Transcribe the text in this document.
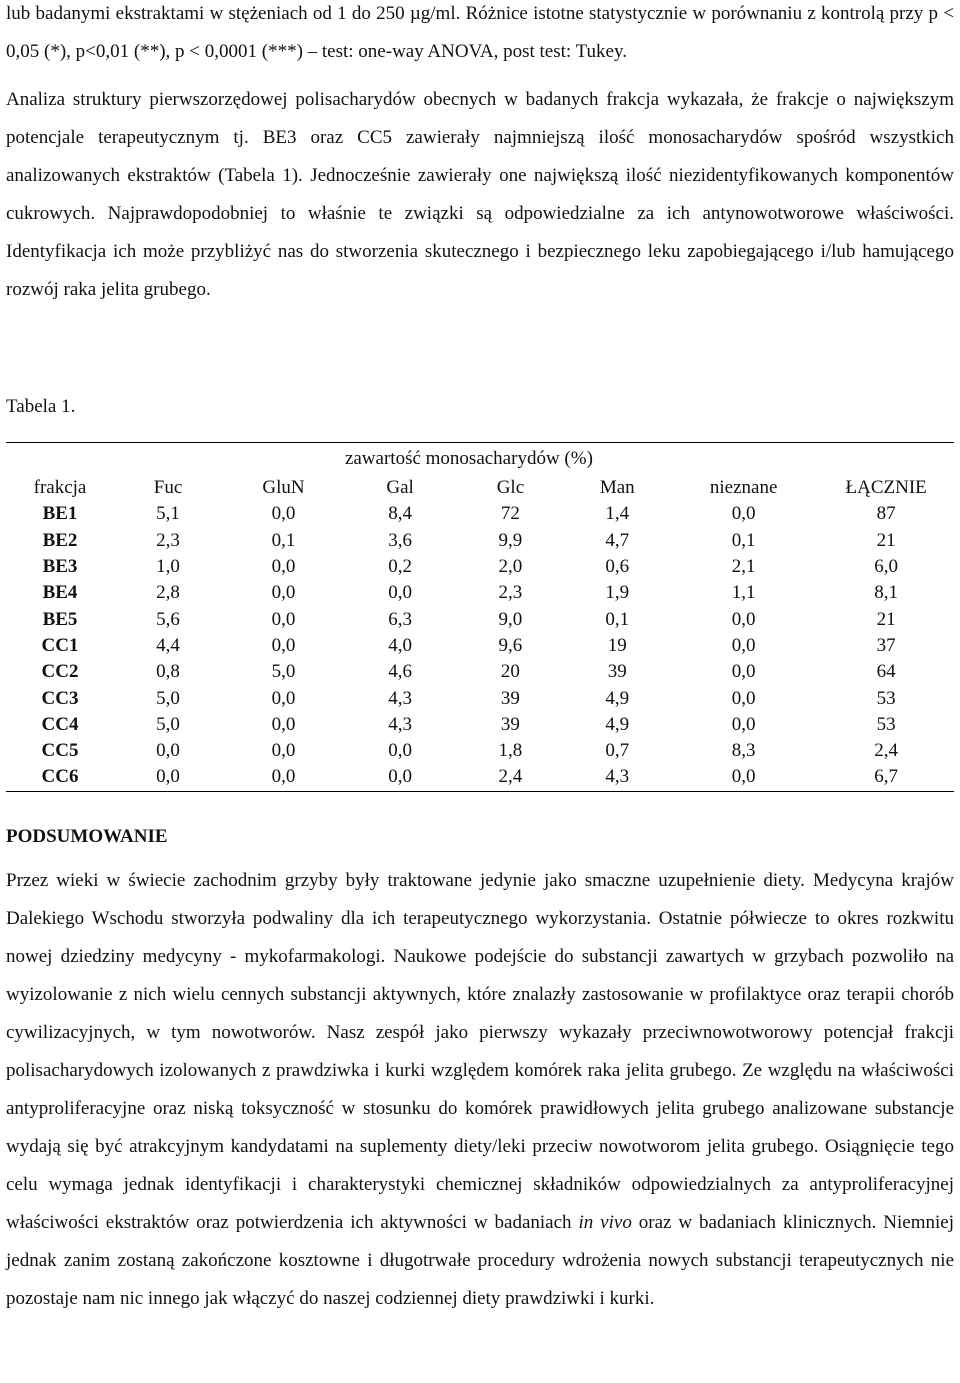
lub badanymi ekstraktami w stężeniach od 1 do 250 µg/ml. Różnice istotne statystycznie w porównaniu z kontrolą przy p < 0,05 (*), p<0,01 (**), p < 0,0001 (***) – test: one-way ANOVA, post test: Tukey.

Analiza struktury pierwszorzędowej polisacharydów obecnych w badanych frakcja wykazała, że frakcje o największym potencjale terapeutycznym tj. BE3 oraz CC5 zawierały najmniejszą ilość monosacharydów spośród wszystkich analizowanych ekstraktów (Tabela 1). Jednocześnie zawierały one największą ilość niezidentyfikowanych komponentów cukrowych. Najprawdopodobniej to właśnie te związki są odpowiedzialne za ich antynowotworowe właściwości. Identyfikacja ich może przybliżyć nas do stworzenia skutecznego i bezpiecznego leku zapobiegającego i/lub hamującego rozwój raka jelita grubego.

Tabela 1.

			zawartość monosacharydów (%)				
frakcja	Fuc	GluN	Gal	Glc	Man	nieznane	ŁĄCZNIE
BE1	5,1	0,0	8,4	72	1,4	0,0	87
BE2	2,3	0,1	3,6	9,9	4,7	0,1	21
BE3	1,0	0,0	0,2	2,0	0,6	2,1	6,0
BE4	2,8	0,0	0,0	2,3	1,9	1,1	8,1
BE5	5,6	0,0	6,3	9,0	0,1	0,0	21
CC1	4,4	0,0	4,0	9,6	19	0,0	37
CC2	0,8	5,0	4,6	20	39	0,0	64
CC3	5,0	0,0	4,3	39	4,9	0,0	53
CC4	5,0	0,0	4,3	39	4,9	0,0	53
CC5	0,0	0,0	0,0	1,8	0,7	8,3	2,4
CC6	0,0	0,0	0,0	2,4	4,3	0,0	6,7

PODSUMOWANIE

Przez wieki w świecie zachodnim grzyby były traktowane jedynie jako smaczne uzupełnienie diety. Medycyna krajów Dalekiego Wschodu stworzyła podwaliny dla ich terapeutycznego wykorzystania. Ostatnie półwiecze to okres rozkwitu nowej dziedziny medycyny - mykofarmakologi. Naukowe podejście do substancji zawartych w grzybach pozwoliło na wyizolowanie z nich wielu cennych substancji aktywnych, które znalazły zastosowanie w profilaktyce oraz terapii chorób cywilizacyjnych, w tym nowotworów. Nasz zespół jako pierwszy wykazały przeciwnowotworowy potencjał frakcji polisacharydowych izolowanych z prawdziwka i kurki względem komórek raka jelita grubego. Ze względu na właściwości antyproliferacyjne oraz niską toksyczność w stosunku do komórek prawidłowych jelita grubego analizowane substancje wydają się być atrakcyjnym kandydatami na suplementy diety/leki przeciw nowotworom jelita grubego. Osiągnięcie tego celu wymaga jednak identyfikacji i charakterystyki chemicznej składników odpowiedzialnych za antyproliferacyjnej właściwości ekstraktów oraz potwierdzenia ich aktywności w badaniach in vivo oraz w badaniach klinicznych. Niemniej jednak zanim zostaną zakończone kosztowne i długotrwałe procedury wdrożenia nowych substancji terapeutycznych nie pozostaje nam nic innego jak włączyć do naszej codziennej diety prawdziwki i kurki.
